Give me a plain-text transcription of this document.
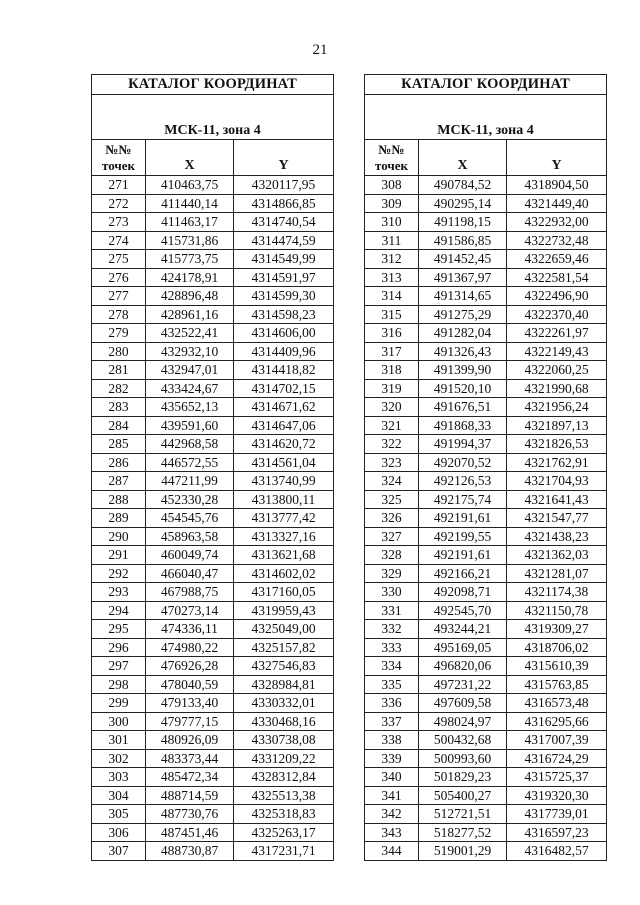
21
КАТАЛОГ КООРДИНАТ		
МСК-11, зона 4		

№№
точек	X	Y
271	410463,75	4320117,95
272	411440,14	4314866,85
273	411463,17	4314740,54
274	415731,86	4314474,59
275	415773,75	4314549,99
276	424178,91	4314591,97
277	428896,48	4314599,30
278	428961,16	4314598,23
279	432522,41	4314606,00
280	432932,10	4314409,96
281	432947,01	4314418,82
282	433424,67	4314702,15
283	435652,13	4314671,62
284	439591,60	4314647,06
285	442968,58	4314620,72
286	446572,55	4314561,04
287	447211,99	4313740,99
288	452330,28	4313800,11
289	454545,76	4313777,42
290	458963,58	4313327,16
291	460049,74	4313621,68
292	466040,47	4314602,02
293	467988,75	4317160,05
294	470273,14	4319959,43
295	474336,11	4325049,00
296	474980,22	4325157,82
297	476926,28	4327546,83
298	478040,59	4328984,81
299	479133,40	4330332,01
300	479777,15	4330468,16
301	480926,09	4330738,08
302	483373,44	4331209,22
303	485472,34	4328312,84
304	488714,59	4325513,38
305	487730,76	4325318,83
306	487451,46	4325263,17
307	488730,87	4317231,71
КАТАЛОГ КООРДИНАТ		
МСК-11, зона 4		

№№
точек	X	Y
308	490784,52	4318904,50
309	490295,14	4321449,40
310	491198,15	4322932,00
311	491586,85	4322732,48
312	491452,45	4322659,46
313	491367,97	4322581,54
314	491314,65	4322496,90
315	491275,29	4322370,40
316	491282,04	4322261,97
317	491326,43	4322149,43
318	491399,90	4322060,25
319	491520,10	4321990,68
320	491676,51	4321956,24
321	491868,33	4321897,13
322	491994,37	4321826,53
323	492070,52	4321762,91
324	492126,53	4321704,93
325	492175,74	4321641,43
326	492191,61	4321547,77
327	492199,55	4321438,23
328	492191,61	4321362,03
329	492166,21	4321281,07
330	492098,71	4321174,38
331	492545,70	4321150,78
332	493244,21	4319309,27
333	495169,05	4318706,02
334	496820,06	4315610,39
335	497231,22	4315763,85
336	497609,58	4316573,48
337	498024,97	4316295,66
338	500432,68	4317007,39
339	500993,60	4316724,29
340	501829,23	4315725,37
341	505400,27	4319320,30
342	512721,51	4317739,01
343	518277,52	4316597,23
344	519001,29	4316482,57
